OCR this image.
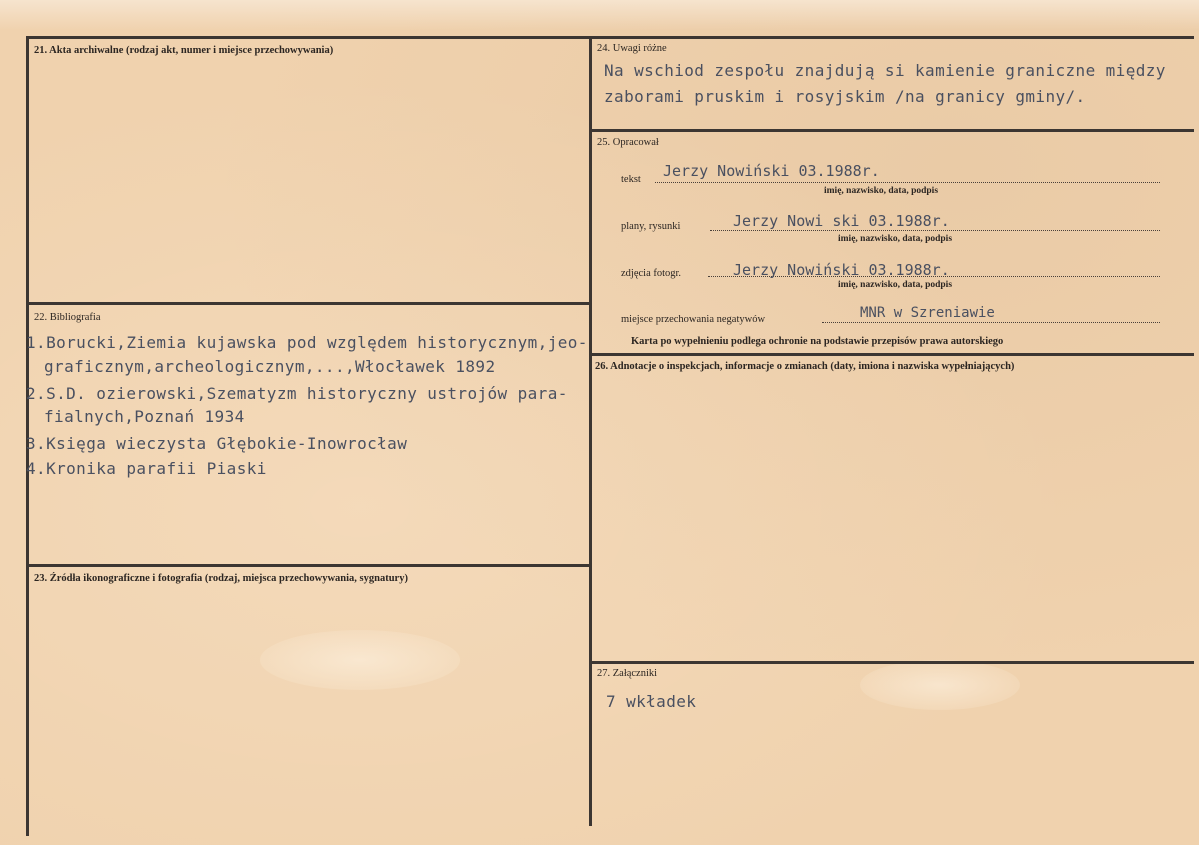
21. Akta archiwalne (rodzaj akt, numer i miejsce przechowywania)	24. Uwagi różne
Na wschiod zespołu znajdują si kamienie graniczne między
zaborami pruskim i rosyjskim /na granicy gminy/.
25. Opracował
tekst Jerzy Nowiński 03.1988r.
imię, nazwisko, data, podpis
plany, rysunki	Jerzy Nowi ski 03.1988r.
imię, nazwisko, data, podpis
zdjęcia fotogr.	Jerzy Nowiński 03.1988r.
imię, nazwisko, data, podpis
miejsce przechowania negatywów	MNR w Szreniawie
Karta po wypełnieniu podlega ochronie na podstawie przepisów prawa autorskiego
22. Bibliografia
1.Borucki,Ziemia kujawska pod względem historycznym,jeo-
graficznym,archeologicznym,...,Włocławek 1892
2.S.D. ozierowski,Szematyzm historyczny ustrojów para-
fialnych,Poznań 1934
3.Księga wieczysta Głębokie-Inowrocław
4.Kronika parafii Piaski
26. Adnotacje o inspekcjach, informacje o zmianach (daty, imiona i nazwiska wypełniających)
23. Źródła ikonograficzne i fotografia (rodzaj, miejsca przechowywania, sygnatury)
27. Załączniki
7 wkładek
